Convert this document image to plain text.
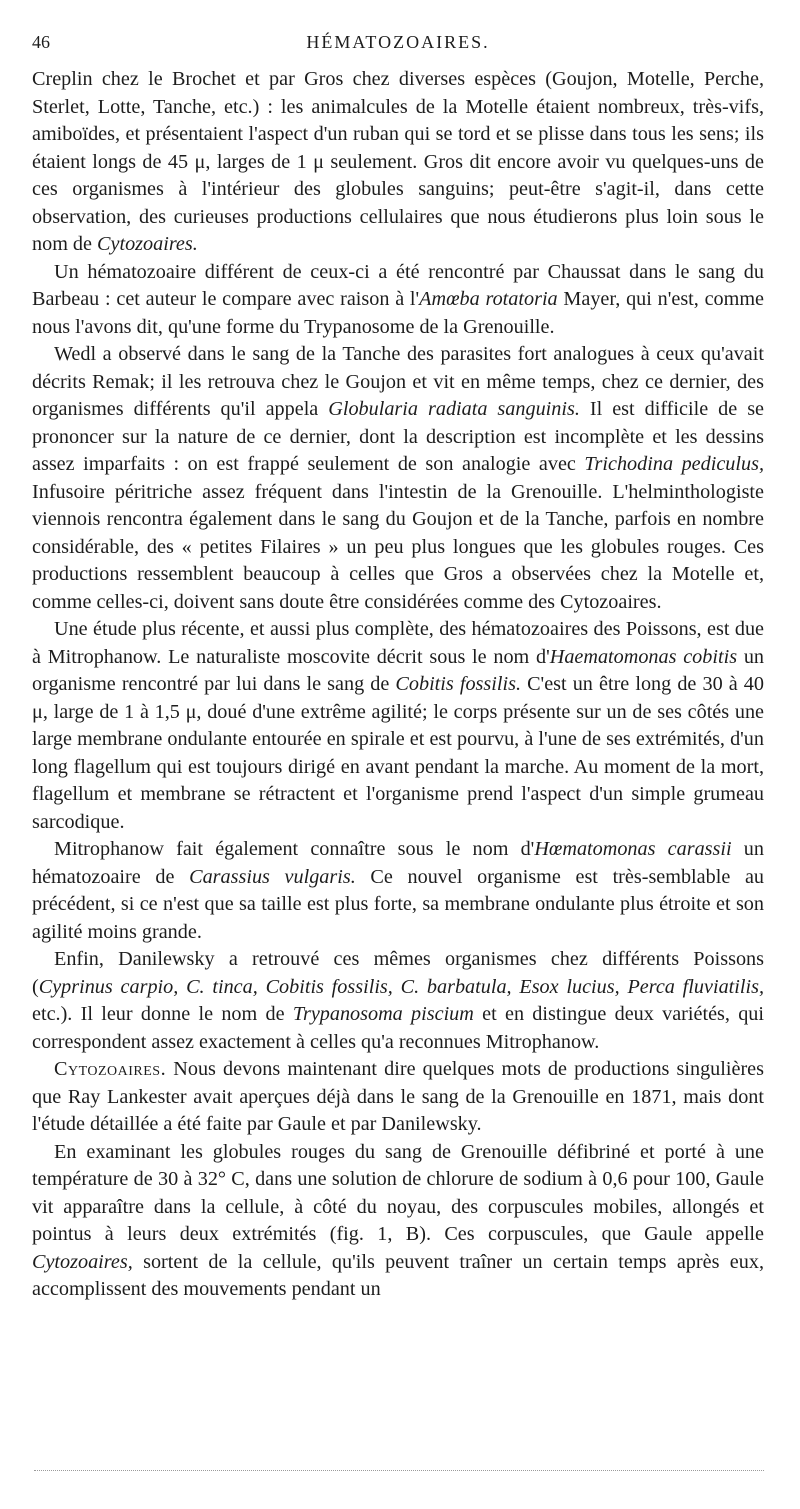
46	HÉMATOZOAIRES.

Creplin chez le Brochet et par Gros chez diverses espèces (Goujon, Motelle, Perche, Sterlet, Lotte, Tanche, etc.) : les animalcules de la Motelle étaient nombreux, très-vifs, amiboïdes, et présentaient l'aspect d'un ruban qui se tord et se plisse dans tous les sens; ils étaient longs de 45 μ, larges de 1 μ seulement. Gros dit encore avoir vu quelques-uns de ces organismes à l'intérieur des globules sanguins; peut-être s'agit-il, dans cette observation, des curieuses productions cellulaires que nous étudierons plus loin sous le nom de Cytozoaires.

Un hématozoaire différent de ceux-ci a été rencontré par Chaussat dans le sang du Barbeau : cet auteur le compare avec raison à l'Amœba rotatoria Mayer, qui n'est, comme nous l'avons dit, qu'une forme du Trypanosome de la Grenouille.

Wedl a observé dans le sang de la Tanche des parasites fort analogues à ceux qu'avait décrits Remak; il les retrouva chez le Goujon et vit en même temps, chez ce dernier, des organismes différents qu'il appela Globularia radiata sanguinis. Il est difficile de se prononcer sur la nature de ce dernier, dont la description est incomplète et les dessins assez imparfaits : on est frappé seulement de son analogie avec Trichodina pediculus, Infusoire péritriche assez fréquent dans l'intestin de la Grenouille. L'helminthologiste viennois rencontra également dans le sang du Goujon et de la Tanche, parfois en nombre considérable, des « petites Filaires » un peu plus longues que les globules rouges. Ces productions ressemblent beaucoup à celles que Gros a observées chez la Motelle et, comme celles-ci, doivent sans doute être considérées comme des Cytozoaires.

Une étude plus récente, et aussi plus complète, des hématozoaires des Poissons, est due à Mitrophanow. Le naturaliste moscovite décrit sous le nom d'Haematomonas cobitis un organisme rencontré par lui dans le sang de Cobitis fossilis. C'est un être long de 30 à 40 μ, large de 1 à 1,5 μ, doué d'une extrême agilité; le corps présente sur un de ses côtés une large membrane ondulante entourée en spirale et est pourvu, à l'une de ses extrémités, d'un long flagellum qui est toujours dirigé en avant pendant la marche. Au moment de la mort, flagellum et membrane se rétractent et l'organisme prend l'aspect d'un simple grumeau sarcodique.

Mitrophanow fait également connaître sous le nom d'Hœmatomonas carassii un hématozoaire de Carassius vulgaris. Ce nouvel organisme est très-semblable au précédent, si ce n'est que sa taille est plus forte, sa membrane ondulante plus étroite et son agilité moins grande.

Enfin, Danilewsky a retrouvé ces mêmes organismes chez différents Poissons (Cyprinus carpio, C. tinca, Cobitis fossilis, C. barbatula, Esox lucius, Perca fluviatilis, etc.). Il leur donne le nom de Trypanosoma piscium et en distingue deux variétés, qui correspondent assez exactement à celles qu'a reconnues Mitrophanow.

Cytozoaires. Nous devons maintenant dire quelques mots de productions singulières que Ray Lankester avait aperçues déjà dans le sang de la Grenouille en 1871, mais dont l'étude détaillée a été faite par Gaule et par Danilewsky.

En examinant les globules rouges du sang de Grenouille défibriné et porté à une température de 30 à 32° C, dans une solution de chlorure de sodium à 0,6 pour 100, Gaule vit apparaître dans la cellule, à côté du noyau, des corpuscules mobiles, allongés et pointus à leurs deux extrémités (fig. 1, B). Ces corpuscules, que Gaule appelle Cytozoaires, sortent de la cellule, qu'ils peuvent traîner un certain temps après eux, accomplissent des mouvements pendant un
